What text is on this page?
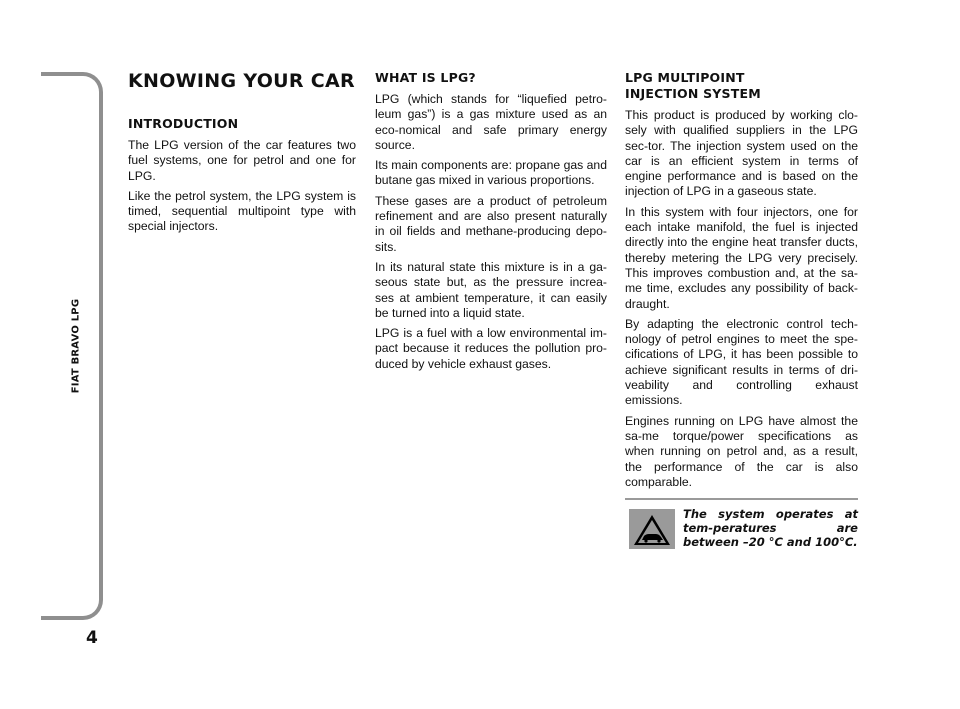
FIAT BRAVO LPG
4
KNOWING YOUR CAR
INTRODUCTION

The LPG version of the car features two fuel systems, one for petrol and one for LPG.

Like the petrol system, the LPG system is timed, sequential multipoint type with special injectors.

WHAT IS LPG?

LPG (which stands for “liquefied petro-leum gas”) is a gas mixture used as an eco-nomical and safe primary energy source.

Its main components are: propane gas and butane gas mixed in various proportions.

These gases are a product of petroleum refinement and are also present naturally in oil fields and methane-producing depo-sits.

In its natural state this mixture is in a ga-seous state but, as the pressure increa-ses at ambient temperature, it can easily be turned into a liquid state.

LPG is a fuel with a low environmental im-pact because it reduces the pollution pro-duced by vehicle exhaust gases.

LPG MULTIPOINT
INJECTION SYSTEM

This product is produced by working clo-sely with qualified suppliers in the LPG sec-tor. The injection system used on the car is an efficient system in terms of engine performance and is based on the injection of LPG in a gaseous state.

In this system with four injectors, one for each intake manifold, the fuel is injected directly into the engine heat transfer ducts, thereby metering the LPG very precisely. This improves combustion and, at the sa-me time, excludes any possibility of back-draught.

By adapting the electronic control tech-nology of petrol engines to meet the spe-cifications of LPG, it has been possible to achieve significant results in terms of dri-veability and controlling exhaust emissions.

Engines running on LPG have almost the sa-me torque/power specifications as when running on petrol and, as a result, the performance of the car is also comparable.

The system operates at tem-peratures are between –20 °C and 100°C.
